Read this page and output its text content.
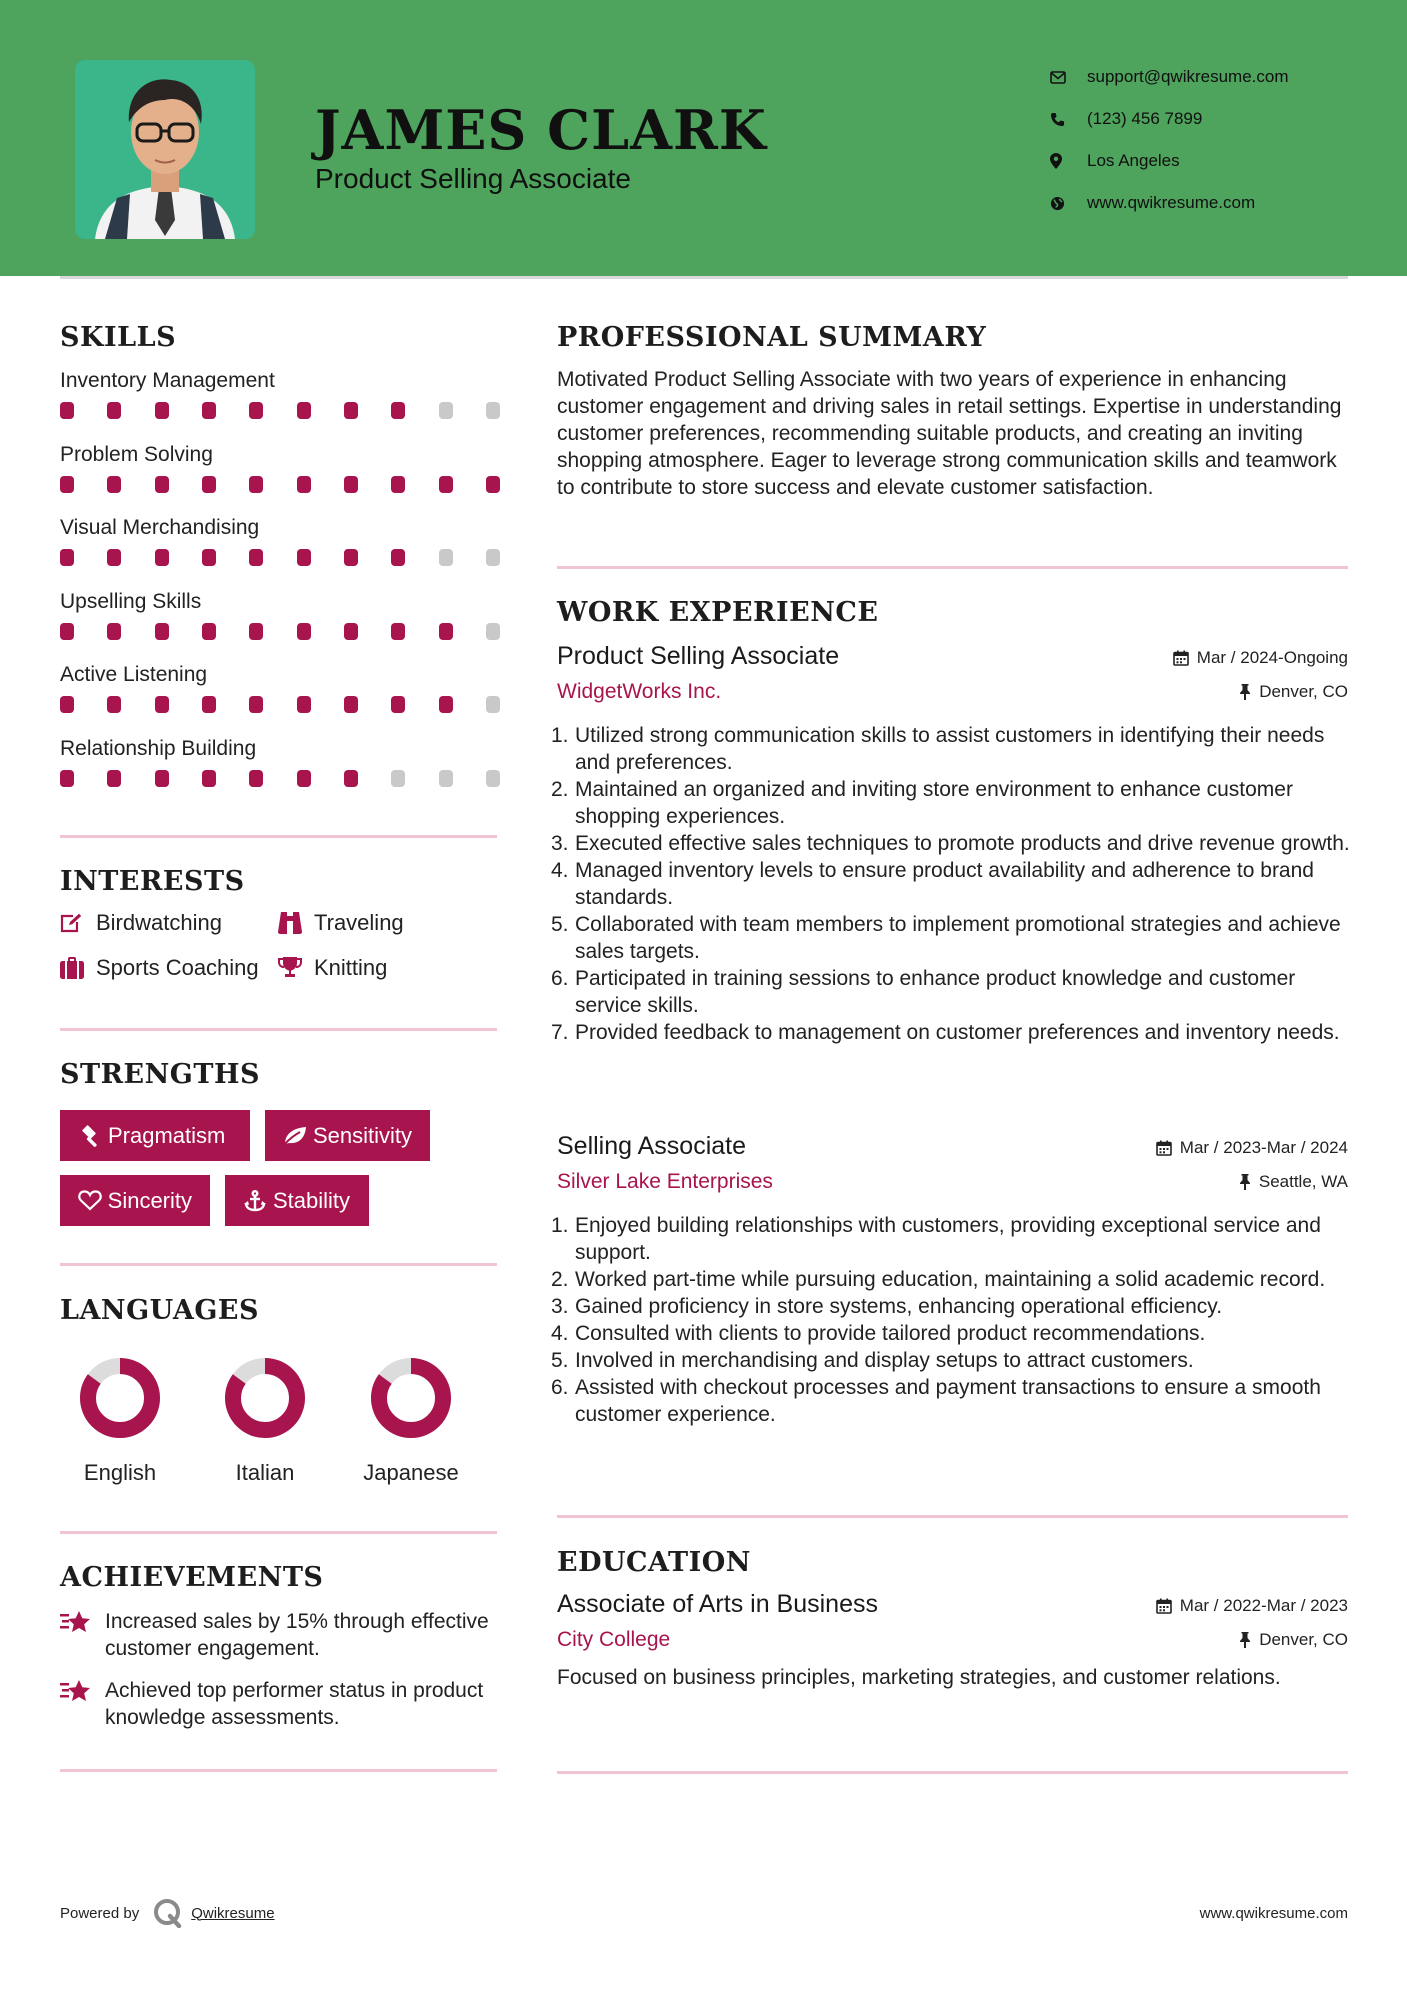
JAMES CLARK
Product Selling Associate
support@qwikresume.com
(123) 456 7899
Los Angeles
www.qwikresume.com
SKILLS
Inventory Management
Problem Solving
Visual Merchandising
Upselling Skills
Active Listening
Relationship Building
INTERESTS
Birdwatching	Traveling
Sports Coaching	Knitting
STRENGTHS
Pragmatism	Sensitivity
Sincerity	Stability
LANGUAGES
English	Italian	Japanese
ACHIEVEMENTS
Increased sales by 15% through effective customer engagement.
Achieved top performer status in product knowledge assessments.
PROFESSIONAL SUMMARY

Motivated Product Selling Associate with two years of experience in enhancing customer engagement and driving sales in retail settings. Expertise in understanding customer preferences, recommending suitable products, and creating an inviting shopping atmosphere. Eager to leverage strong communication skills and teamwork to contribute to store success and elevate customer satisfaction.

WORK EXPERIENCE
Product Selling Associate	Mar / 2024-Ongoing
WidgetWorks Inc.	Denver, CO
1. Utilized strong communication skills to assist customers in identifying their needs and preferences.
2. Maintained an organized and inviting store environment to enhance customer shopping experiences.
3. Executed effective sales techniques to promote products and drive revenue growth.
4. Managed inventory levels to ensure product availability and adherence to brand standards.
5. Collaborated with team members to implement promotional strategies and achieve sales targets.
6. Participated in training sessions to enhance product knowledge and customer service skills.
7. Provided feedback to management on customer preferences and inventory needs.
Selling Associate	Mar / 2023-Mar / 2024
Silver Lake Enterprises	Seattle, WA
1. Enjoyed building relationships with customers, providing exceptional service and support.
2. Worked part-time while pursuing education, maintaining a solid academic record.
3. Gained proficiency in store systems, enhancing operational efficiency.
4. Consulted with clients to provide tailored product recommendations.
5. Involved in merchandising and display setups to attract customers.
6. Assisted with checkout processes and payment transactions to ensure a smooth customer experience.
EDUCATION
Associate of Arts in Business	Mar / 2022-Mar / 2023
City College	Denver, CO
Focused on business principles, marketing strategies, and customer relations.
Powered by	Qwikresume	www.qwikresume.com
